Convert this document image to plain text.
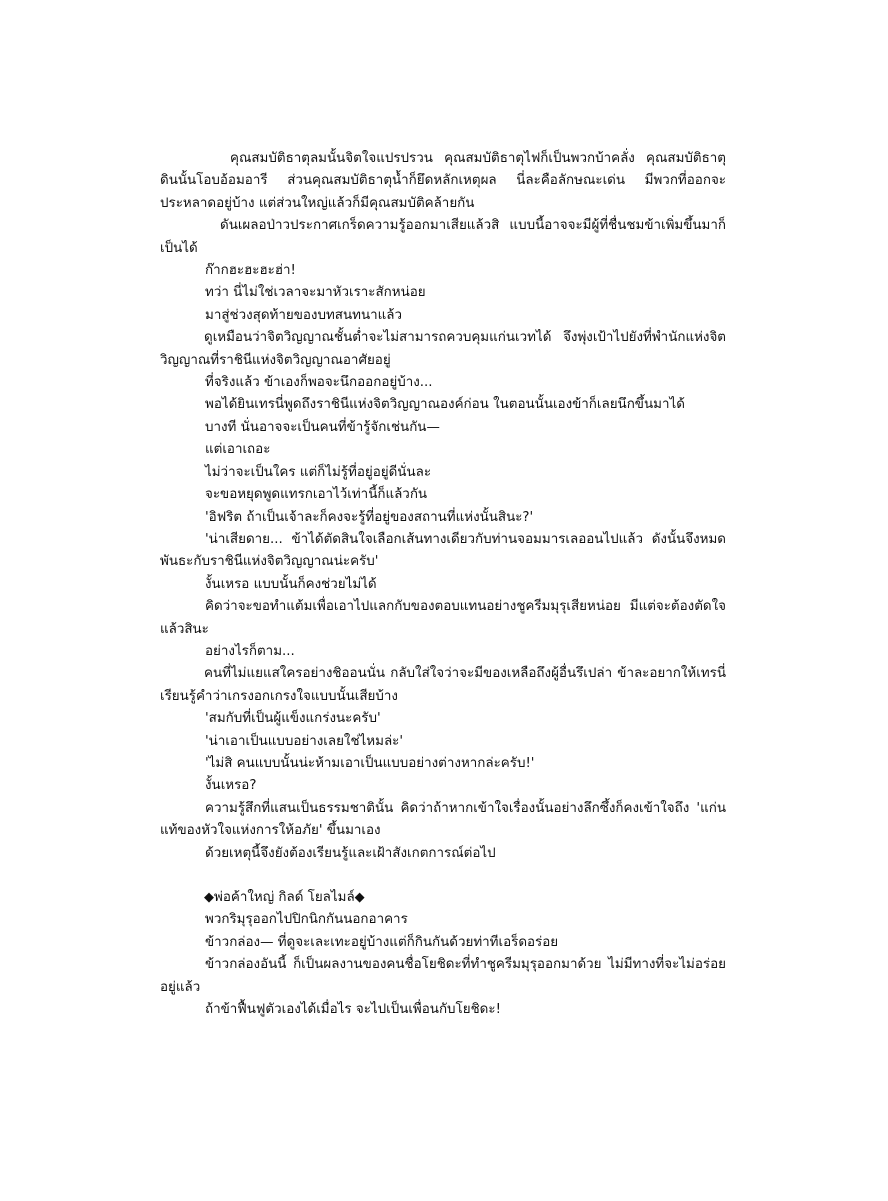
คุณสมบัติธาตุลมนั้นจิตใจแปรปรวน คุณสมบัติธาตุไฟก็เป็นพวกบ้าคลั่ง คุณสมบัติธาตุดินนั้นโอบอ้อมอารี ส่วนคุณสมบัติธาตุน้ำก็ยึดหลักเหตุผล นี่ละคือลักษณะเด่น มีพวกที่ออกจะประหลาดอยู่บ้าง แต่ส่วนใหญ่แล้วก็มีคุณสมบัติคล้ายกัน

ดันเผลอป่าวประกาศเกร็ดความรู้ออกมาเสียแล้วสิ แบบนี้อาจจะมีผู้ที่ชื่นชมข้าเพิ่มขึ้นมาก็เป็นได้

ก๊ากฮะฮะฮะฮ่า!

ทว่า นี่ไม่ใช่เวลาจะมาหัวเราะสักหน่อย

มาสู่ช่วงสุดท้ายของบทสนทนาแล้ว

ดูเหมือนว่าจิตวิญญาณชั้นต่ำจะไม่สามารถควบคุมแก่นเวทได้ จึงพุ่งเป้าไปยังที่พำนักแห่งจิตวิญญาณที่ราชินีแห่งจิตวิญญาณอาศัยอยู่

ที่จริงแล้ว ข้าเองก็พอจะนึกออกอยู่บ้าง...

พอได้ยินเทรนี่พูดถึงราชินีแห่งจิตวิญญาณองค์ก่อน ในตอนนั้นเองข้าก็เลยนึกขึ้นมาได้

บางที นั่นอาจจะเป็นคนที่ข้ารู้จักเช่นกัน—

แต่เอาเถอะ

ไม่ว่าจะเป็นใคร แต่ก็ไม่รู้ที่อยู่อยู่ดีนั่นละ

จะขอหยุดพูดแทรกเอาไว้เท่านี้ก็แล้วกัน

'อิฟริต ถ้าเป็นเจ้าละก็คงจะรู้ที่อยู่ของสถานที่แห่งนั้นสินะ?'

'น่าเสียดาย... ข้าได้ตัดสินใจเลือกเส้นทางเดียวกับท่านจอมมารเลออนไปแล้ว ดังนั้นจึงหมดพันธะกับราชินีแห่งจิตวิญญาณน่ะครับ'

งั้นเหรอ แบบนั้นก็คงช่วยไม่ได้

คิดว่าจะขอทำแต้มเพื่อเอาไปแลกกับของตอบแทนอย่างชูครีมมุรุเสียหน่อย มีแต่จะต้องตัดใจแล้วสินะ

อย่างไรก็ตาม...

คนที่ไม่แยแสใครอย่างชิออนนั่น กลับใส่ใจว่าจะมีของเหลือถึงผู้อื่นรึเปล่า ข้าละอยากให้เทรนี่เรียนรู้คำว่าเกรงอกเกรงใจแบบนั้นเสียบ้าง

'สมกับที่เป็นผู้แข็งแกร่งนะครับ'

'น่าเอาเป็นแบบอย่างเลยใช่ไหมล่ะ'

'ไม่สิ คนแบบนั้นน่ะห้ามเอาเป็นแบบอย่างต่างหากล่ะครับ!'

งั้นเหรอ?

ความรู้สึกที่แสนเป็นธรรมชาตินั้น คิดว่าถ้าหากเข้าใจเรื่องนั้นอย่างลึกซึ้งก็คงเข้าใจถึง 'แก่นแท้ของหัวใจแห่งการให้อภัย' ขึ้นมาเอง

ด้วยเหตุนี้จึงยังต้องเรียนรู้และเฝ้าสังเกตการณ์ต่อไป

◆พ่อค้าใหญ่ กิลด์ โยลไมล์◆

พวกริมุรุออกไปปิกนิกกันนอกอาคาร

ข้าวกล่อง— ที่ดูจะเละเทะอยู่บ้างแต่ก็กินกันด้วยท่าทีเอร็ดอร่อย

ข้าวกล่องอันนี้ ก็เป็นผลงานของคนชื่อโยชิดะที่ทำชูครีมมุรุออกมาด้วย ไม่มีทางที่จะไม่อร่อยอยู่แล้ว

ถ้าข้าฟื้นฟูตัวเองได้เมื่อไร จะไปเป็นเพื่อนกับโยชิดะ!
